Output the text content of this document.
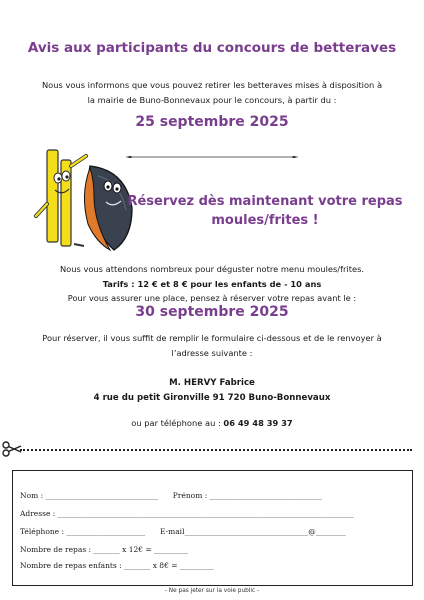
Avis aux participants du concours de betteraves
Nous vous informons que vous pouvez retirer les betteraves mises à disposition à
la mairie de Buno-Bonnevaux pour le concours, à partir du :
25 septembre 2025
Réservez dès maintenant votre repas
moules/frites !
Nous vous attendons nombreux pour déguster notre menu moules/frites.
Tarifs : 12 € et 8 € pour les enfants de - 10 ans
Pour vous assurer une place, pensez à réserver votre repas avant le :
30 septembre 2025
Pour réserver, il vous suffit de remplir le formulaire ci-dessous et de le renvoyer à
l’adresse suivante :
M. HERVY Fabrice
4 rue du petit Gironville 91 720 Buno-Bonnevaux
ou par téléphone au : 06 49 48 39 37
Nom : ______________________________ Prénom : ______________________________
Adresse : _______________________________________________________________________________
Téléphone : _____________________ E-mail_________________________________@________
Nombre de repas : _______ x 12€ = _________
Nombre de repas enfants : _______ x 8€ = _________
- Ne pas jeter sur la voie public -
